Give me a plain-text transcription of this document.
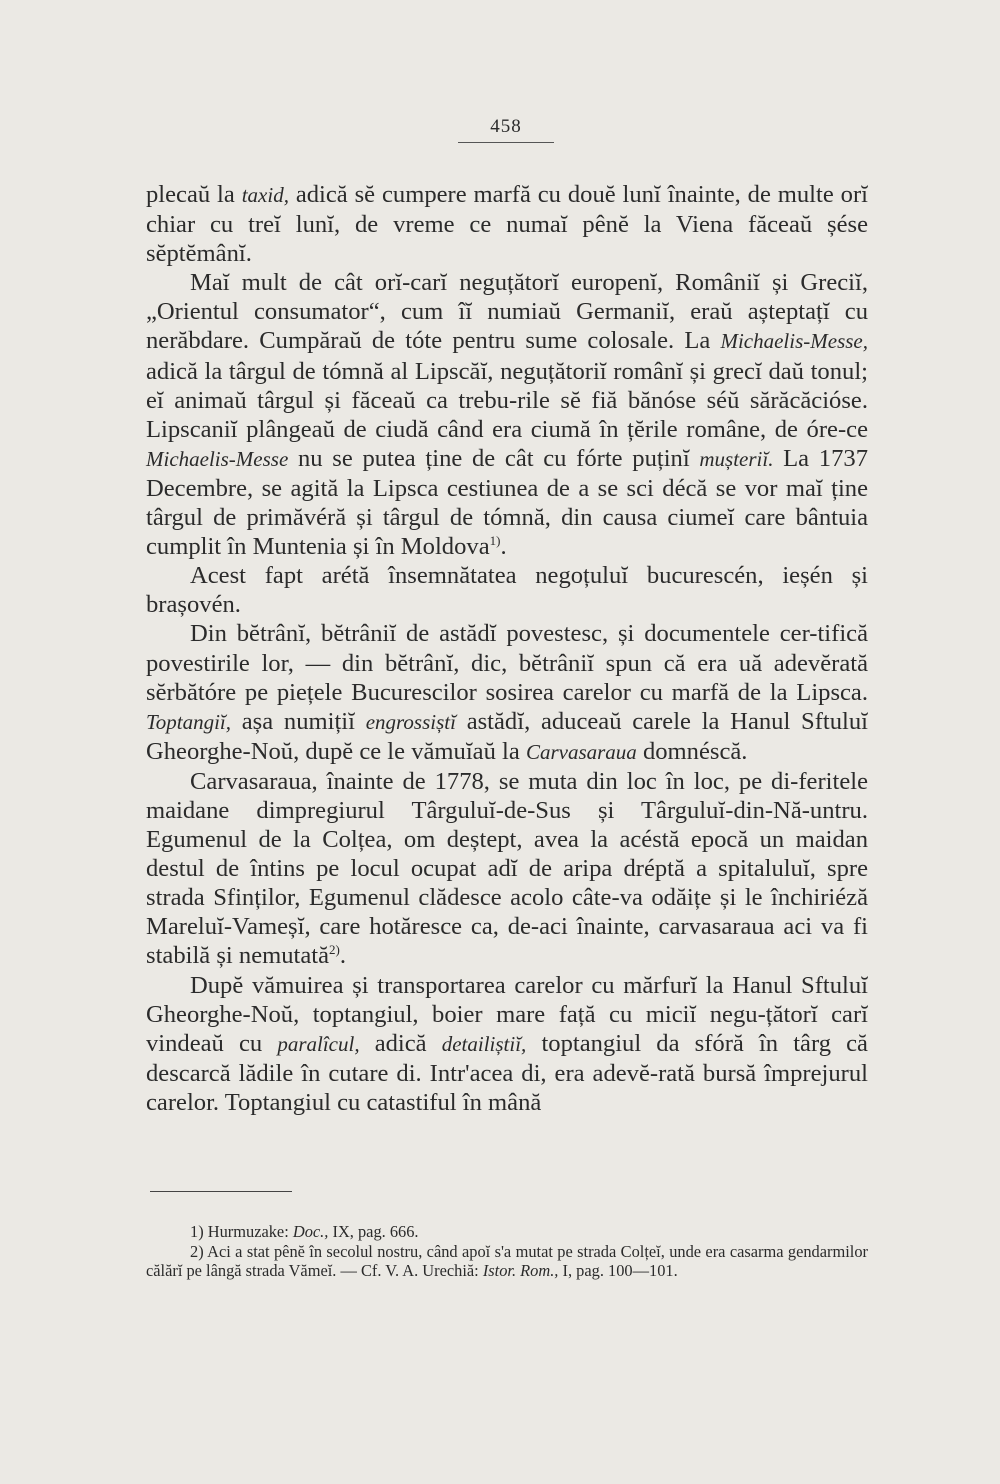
458

plecaŭ la taxid, adică sĕ cumpere marfă cu douĕ lunĭ înainte, de multe orĭ chiar cu treĭ lunĭ, de vreme ce numaĭ pênĕ la Viena făceaŭ șése sĕptĕmânĭ.

Maĭ mult de cât orĭ-carĭ neguțătorĭ europenĭ, Româniĭ și Greciĭ, „Orientul consumator“, cum îĭ numiaŭ Germaniĭ, eraŭ așteptațĭ cu nerăbdare. Cumpăraŭ de tóte pentru sume colosale. La Michaelis-Messe, adică la târgul de tómnă al Lipscăĭ, neguțătoriĭ românĭ și grecĭ daŭ tonul; eĭ animaŭ târgul și făceaŭ ca trebu-rile sĕ fiă bănóse séŭ sărăcăcióse. Lipscaniĭ plângeaŭ de ciudă când era ciumă în țĕrile române, de óre-ce Michaelis-Messe nu se putea ține de cât cu fórte puținĭ mușteriĭ. La 1737 Decembre, se agită la Lipsca cestiunea de a se sci décă se vor maĭ ține târgul de primăvéră și târgul de tómnă, din causa ciumeĭ care bântuia cumplit în Muntenia și în Moldova$^{1)}$.

Acest fapt arétă însemnătatea negoțuluĭ bucurescén, ieșén și brașovén.

Din bĕtrânĭ, bĕtrâniĭ de astădĭ povestesc, și documentele cer-tifică povestirile lor, — din bĕtrânĭ, dic, bĕtrâniĭ spun că era uă adevĕrată sĕrbătóre pe piețele Bucurescilor sosirea carelor cu marfă de la Lipsca. Toptangiĭ, așa numițiĭ engrossiștĭ astădĭ, aduceaŭ carele la Hanul Sftuluĭ Gheorghe-Noŭ, dupĕ ce le vămuĭaŭ la Carvasaraua domnéscă.

Carvasaraua, înainte de 1778, se muta din loc în loc, pe di-feritele maidane dimpregiurul Târguluĭ-de-Sus și Târguluĭ-din-Nă-untru. Egumenul de la Colțea, om deștept, avea la acéstă epocă un maidan destul de întins pe locul ocupat adĭ de aripa dréptă a spitaluluĭ, spre strada Sfinților, Egumenul clădesce acolo câte-va odăițe și le închiriéză Mareluĭ-Vameșĭ, care hotăresce ca, de-aci înainte, carvasaraua aci va fi stabilă și nemutată$^{2)}$.

Dupĕ vămuirea și transportarea carelor cu mărfurĭ la Hanul Sftuluĭ Gheorghe-Noŭ, toptangiul, boier mare față cu miciĭ negu-țătorĭ carĭ vindeaŭ cu paralîcul, adică detailiștiĭ, toptangiul da sfóră în târg că descarcă lădile în cutare di. Intr'acea di, era adevĕ-rată bursă împrejurul carelor. Toptangiul cu catastiful în mână

1) Hurmuzake: Doc., IX, pag. 666.

2) Aci a stat pênĕ în secolul nostru, când apoĭ s'a mutat pe strada Colțeĭ, unde era casarma gendarmilor călărĭ pe lângă strada Vămeĭ. — Cf. V. A. Urechiă: Istor. Rom., I, pag. 100—101.
